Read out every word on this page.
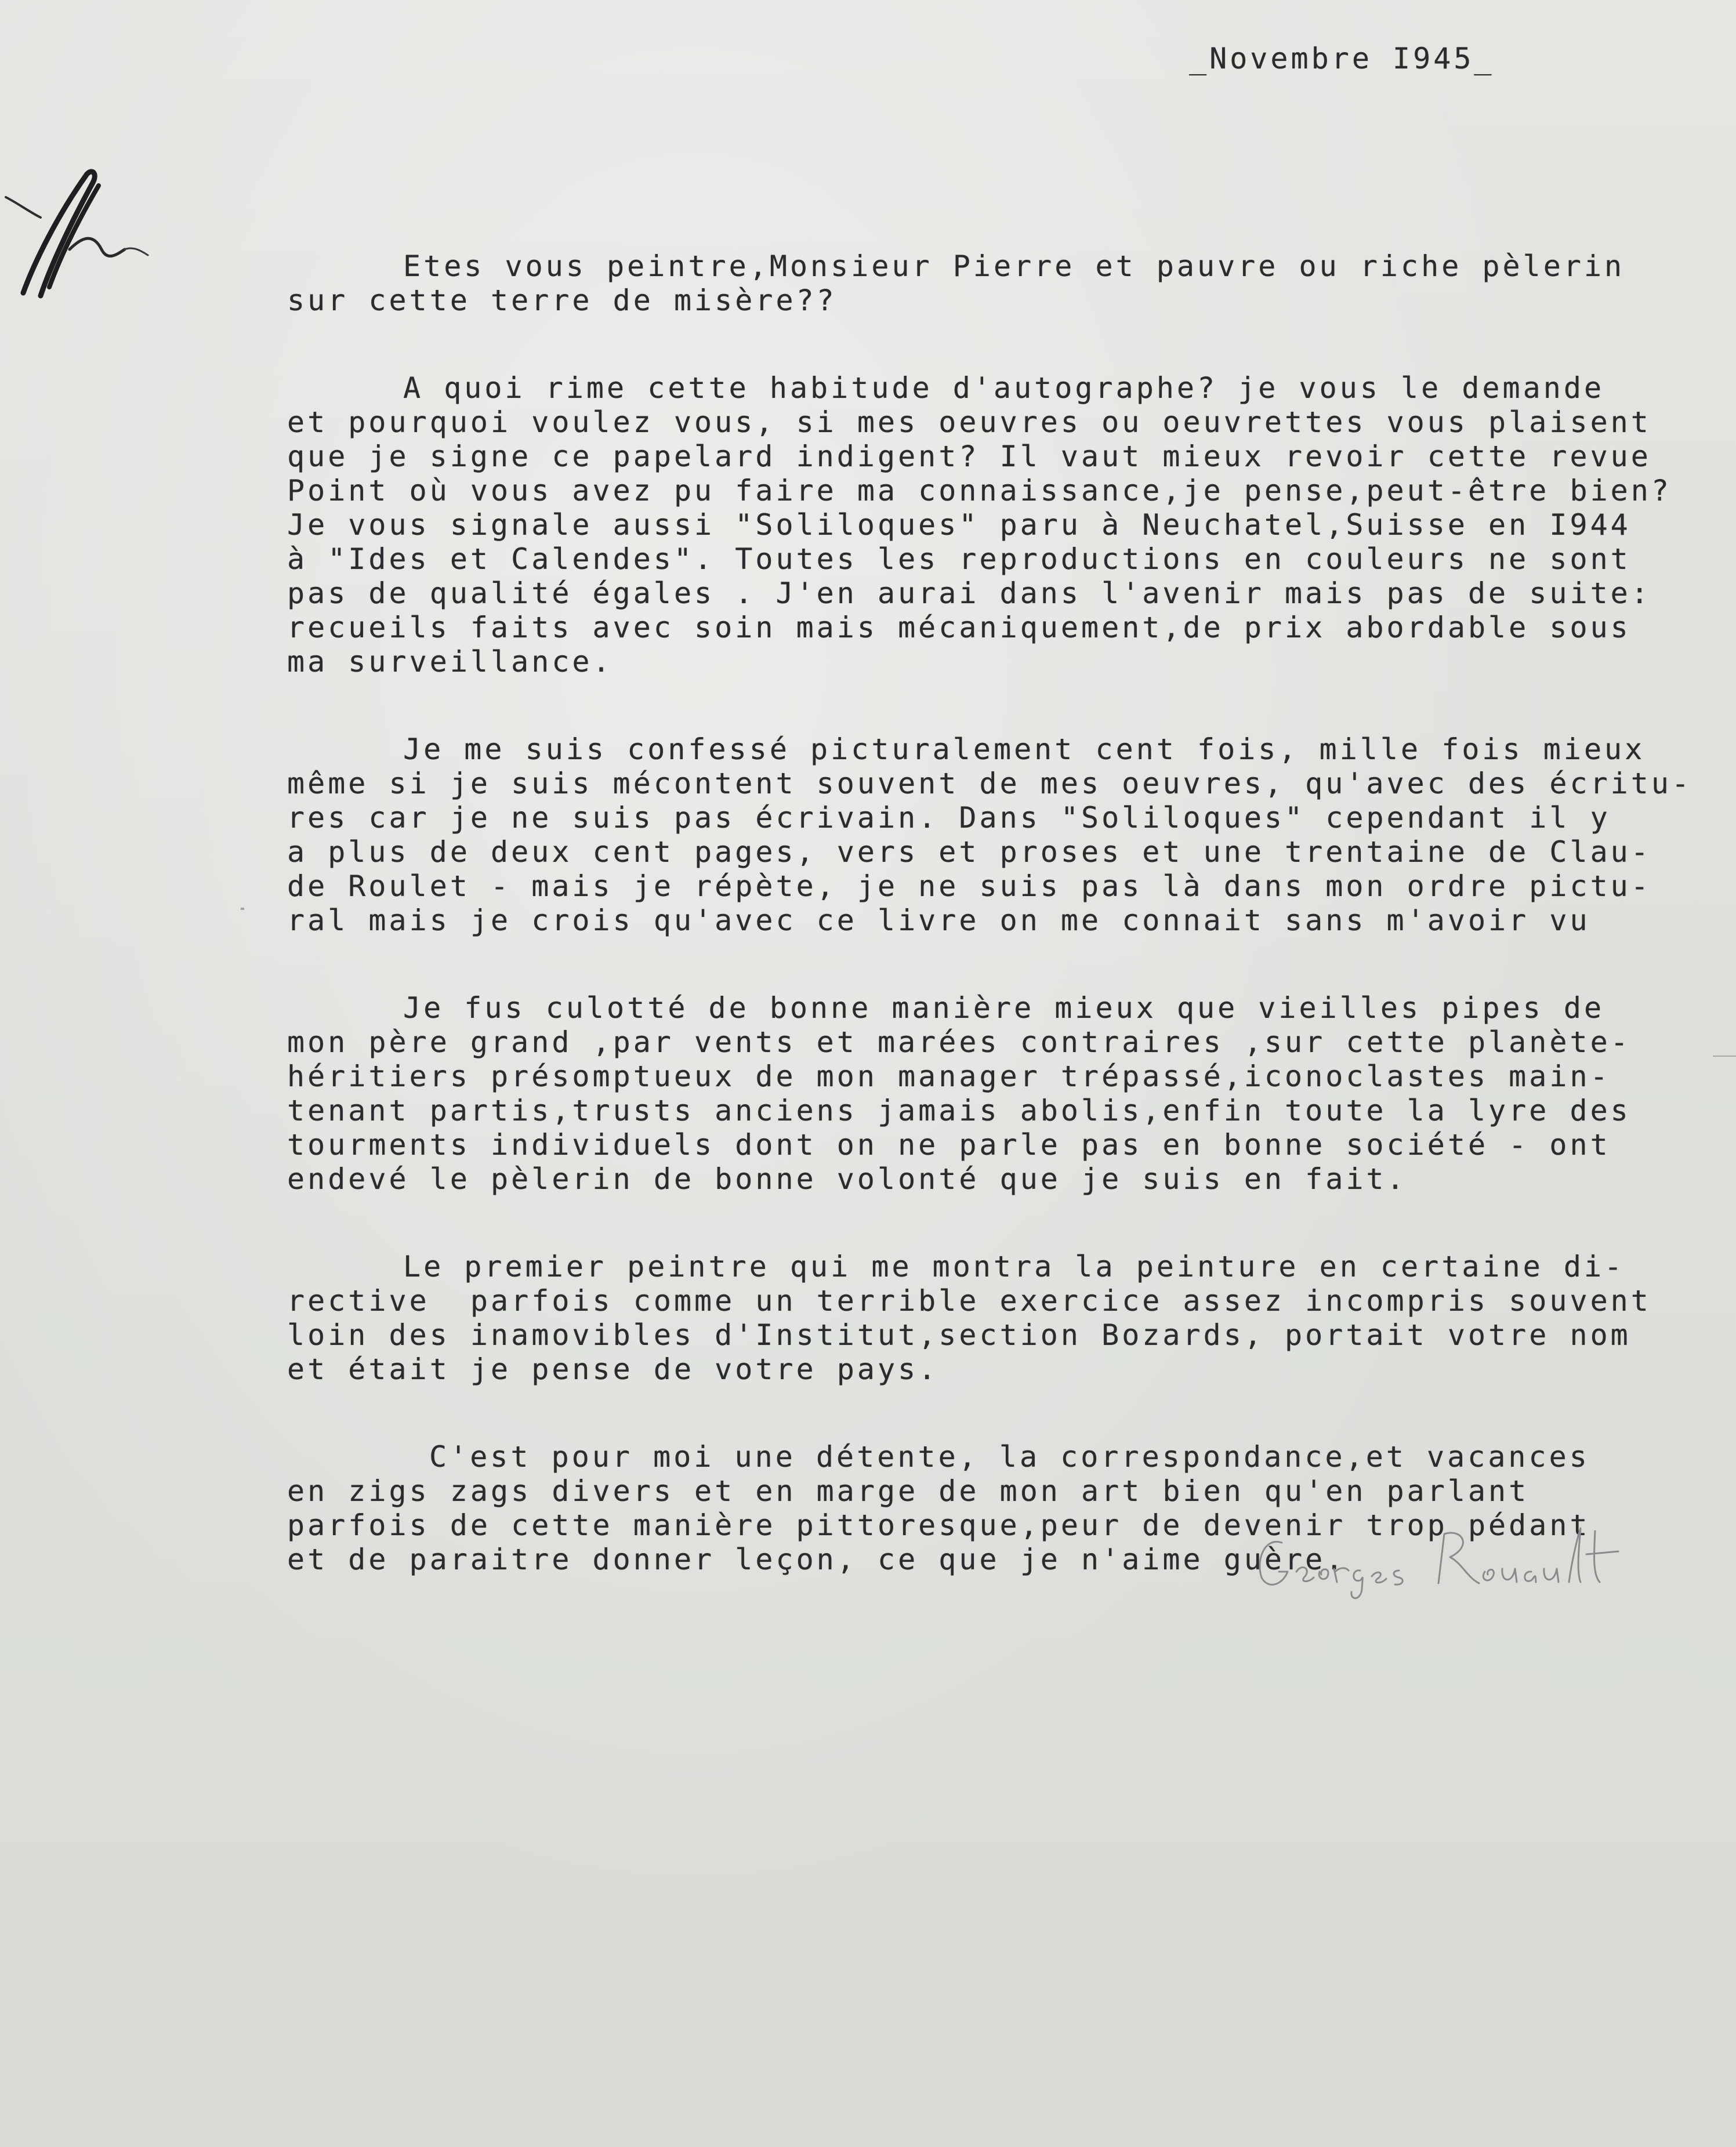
_Novembre I945_
Etes vous peintre,Monsieur Pierre et pauvre ou riche pèlerin
sur cette terre de misère??
A quoi rime cette habitude d'autographe? je vous le demande
et pourquoi voulez vous, si mes oeuvres ou oeuvrettes vous plaisent
que je signe ce papelard indigent? Il vaut mieux revoir cette revue
Point où vous avez pu faire ma connaissance,je pense,peut-être bien?
Je vous signale aussi "Soliloques" paru à Neuchatel,Suisse en I944
à "Ides et Calendes". Toutes les reproductions en couleurs ne sont
pas de qualité égales . J'en aurai dans l'avenir mais pas de suite:
recueils faits avec soin mais mécaniquement,de prix abordable sous
ma surveillance.
Je me suis confessé picturalement cent fois, mille fois mieux
même si je suis mécontent souvent de mes oeuvres, qu'avec des écritu-
res car je ne suis pas écrivain. Dans "Soliloques" cependant il y
a plus de deux cent pages, vers et proses et une trentaine de Clau-
de Roulet - mais je répète, je ne suis pas là dans mon ordre pictu-
ral mais je crois qu'avec ce livre on me connait sans m'avoir vu
Je fus culotté de bonne manière mieux que vieilles pipes de
mon père grand ,par vents et marées contraires ,sur cette planète-
héritiers présomptueux de mon manager trépassé,iconoclastes main-
tenant partis,trusts anciens jamais abolis,enfin toute la lyre des
tourments individuels dont on ne parle pas en bonne société - ont
endevé le pèlerin de bonne volonté que je suis en fait.
Le premier peintre qui me montra la peinture en certaine di-
rective  parfois comme un terrible exercice assez incompris souvent
loin des inamovibles d'Institut,section Bozards, portait votre nom
et était je pense de votre pays.
C'est pour moi une détente, la correspondance,et vacances
en zigs zags divers et en marge de mon art bien qu'en parlant
parfois de cette manière pittoresque,peur de devenir trop pédant
et de paraitre donner leçon, ce que je n'aime guère.
